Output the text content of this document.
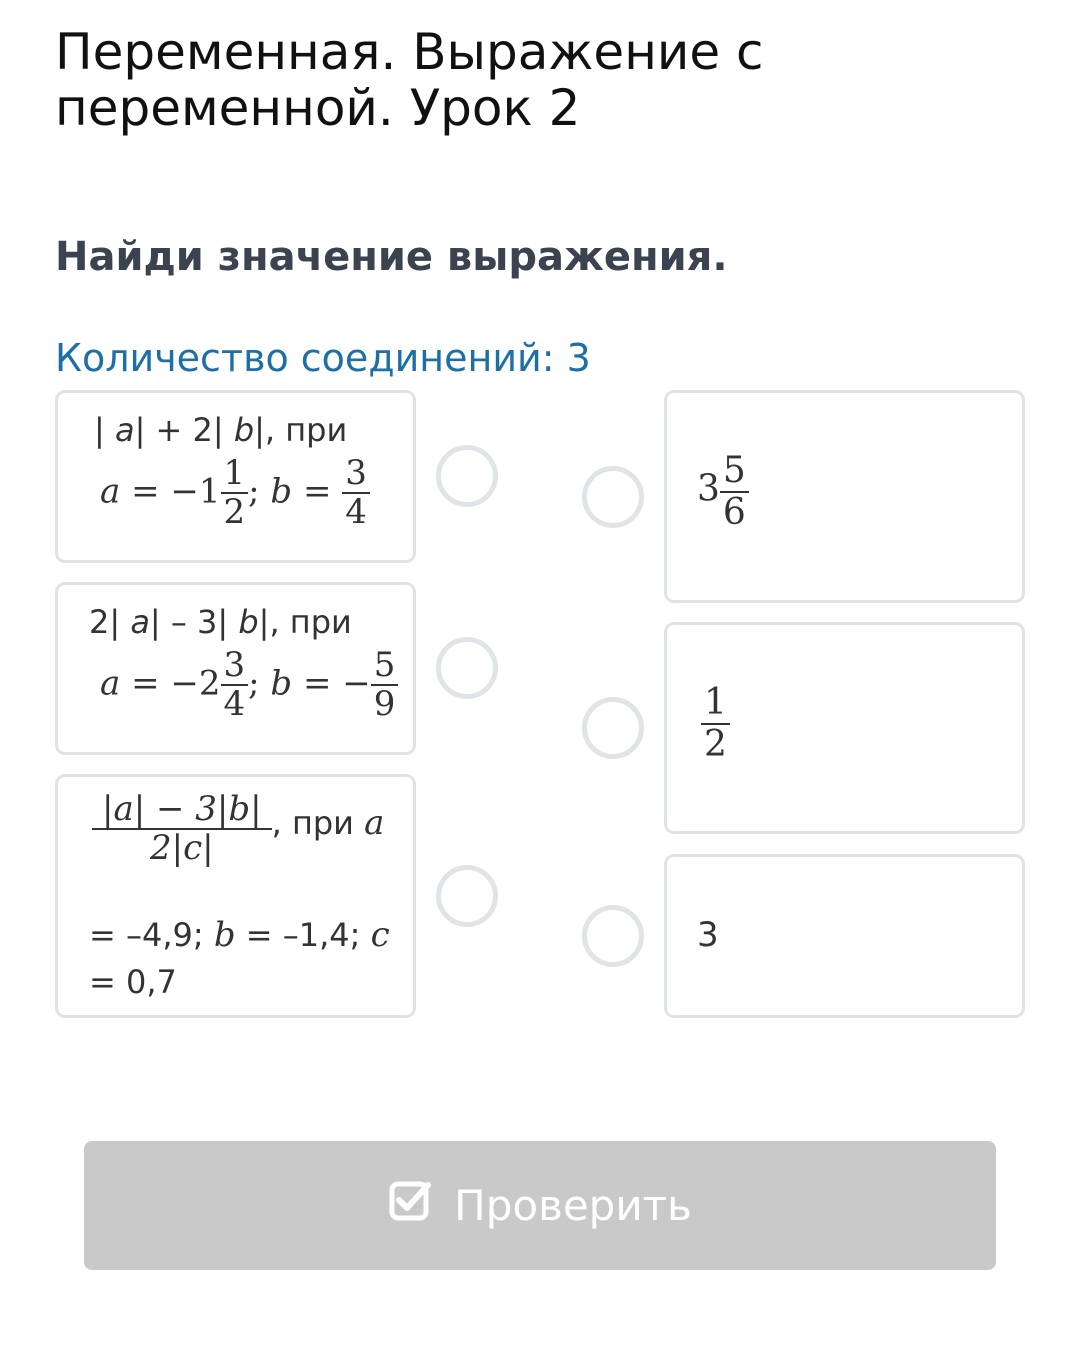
Переменная. Выражение с переменной. Урок 2
Найди значение выражения.
Количество соединений: 3
| a| + 2| b|, при
$a = -1 \frac{1}{2}$ ; $b = \frac{3}{4}$
2| a| – 3| b|, при
$a = -2 \frac{3}{4}$ ; b = − $\frac{5}{9}$
$\frac{|a| - 3|b|}{2|c|}$ , при a
= –4,9; b = –1,4; c
= 0,7
$3 \frac{5}{6}$
$\frac{1}{2}$
3
Проверить
